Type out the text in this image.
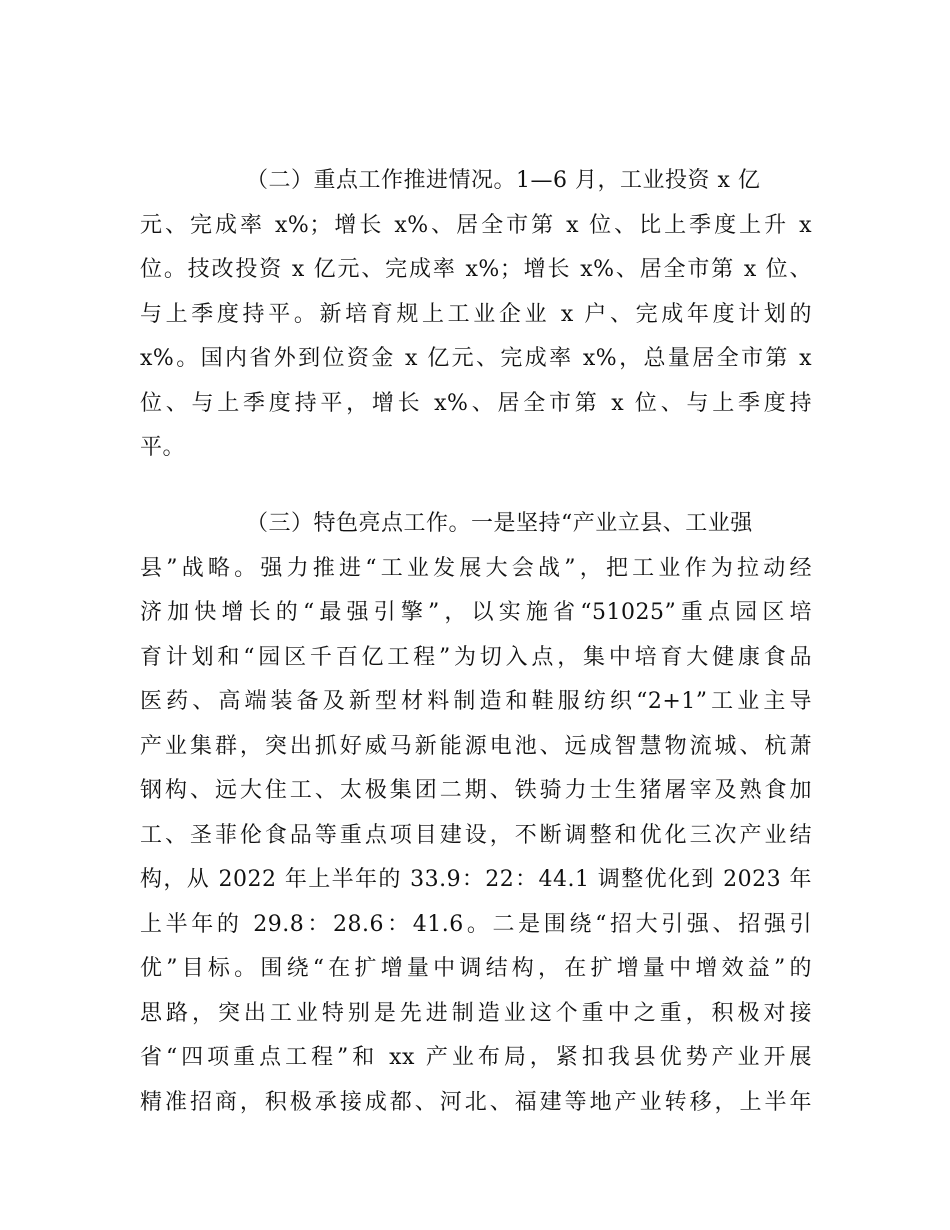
（二）重点工作推进情况。1—6 月，工业投资 x 亿
元、完成率 x%；增长 x%、居全市第 x 位、比上季度上升 x
位。技改投资 x 亿元、完成率 x%；增长 x%、居全市第 x 位、
与上季度持平。新培育规上工业企业 x 户、完成年度计划的
x%。国内省外到位资金 x 亿元、完成率 x%，总量居全市第 x
位、与上季度持平，增长 x%、居全市第 x 位、与上季度持
平。
（三）特色亮点工作。一是坚持“产业立县、工业强
县”战略。强力推进“工业发展大会战”，把工业作为拉动经
济加快增长的“最强引擎”，以实施省“51025”重点园区培
育计划和“园区千百亿工程”为切入点，集中培育大健康食品
医药、高端装备及新型材料制造和鞋服纺织“2+1”工业主导
产业集群，突出抓好威马新能源电池、远成智慧物流城、杭萧
钢构、远大住工、太极集团二期、铁骑力士生猪屠宰及熟食加
工、圣菲伦食品等重点项目建设，不断调整和优化三次产业结
构，从 2022 年上半年的 33.9：22：44.1 调整优化到 2023 年
上半年的 29.8：28.6：41.6。二是围绕“招大引强、招强引
优”目标。围绕“在扩增量中调结构，在扩增量中增效益”的
思路，突出工业特别是先进制造业这个重中之重，积极对接
省“四项重点工程”和 xx 产业布局，紧扣我县优势产业开展
精准招商，积极承接成都、河北、福建等地产业转移，上半年
